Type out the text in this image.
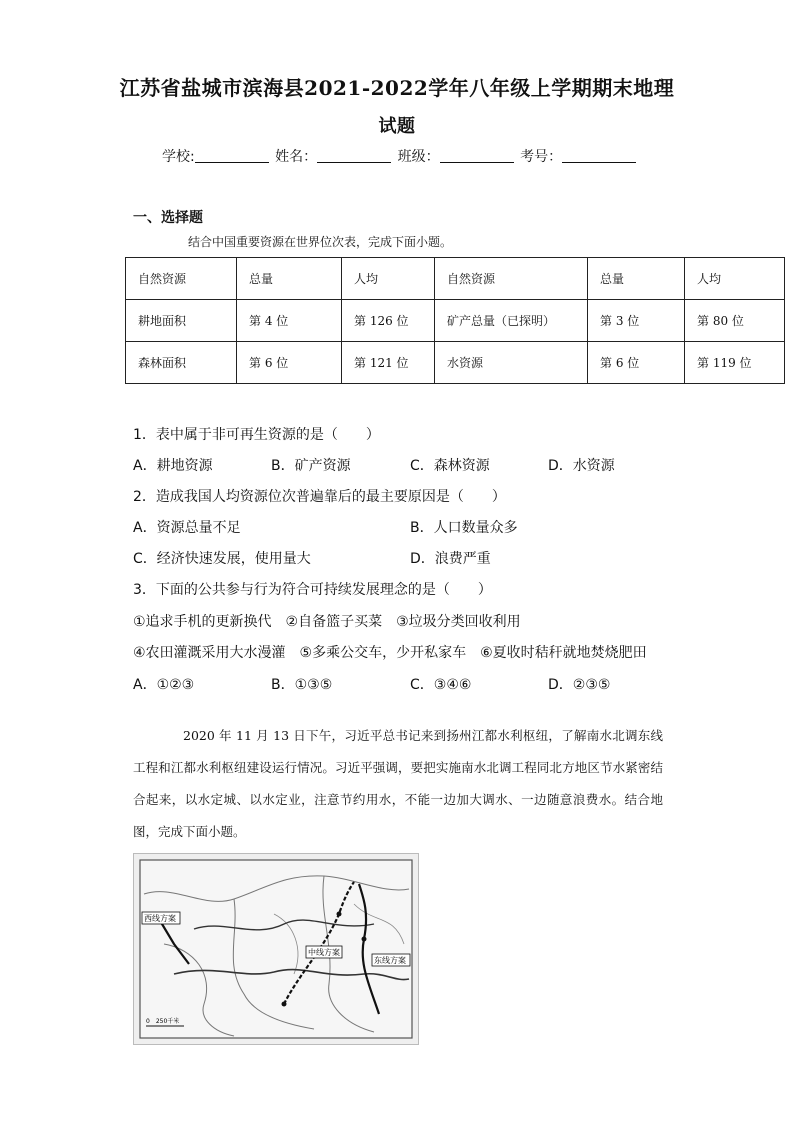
江苏省盐城市滨海县2021-2022学年八年级上学期期末地理
试题
学校:	姓名：	班级：	考号：
一、选择题
结合中国重要资源在世界位次表，完成下面小题。
自然资源	总量	人均	自然资源	总量	人均
耕地面积	第 4 位	第 126 位	矿产总量（已探明）	第 3 位	第 80 位
森林面积	第 6 位	第 121 位	水资源	第 6 位	第 119 位
1．表中属于非可再生资源的是（　　）
A．耕地资源	B．矿产资源	C．森林资源	D．水资源
2．造成我国人均资源位次普遍靠后的最主要原因是（　　）
A．资源总量不足	B．人口数量众多
C．经济快速发展，使用量大	D．浪费严重
3．下面的公共参与行为符合可持续发展理念的是（　　）
①追求手机的更新换代　②自备篮子买菜　③垃圾分类回收利用
④农田灌溉采用大水漫灌　⑤多乘公交车，少开私家车　⑥夏收时秸秆就地焚烧肥田
A．①②③	B．①③⑤	C．③④⑥	D．②③⑤
2020 年 11 月 13 日下午，习近平总书记来到扬州江都水利枢纽，了解南水北调东线工程和江都水利枢纽建设运行情况。习近平强调，要把实施南水北调工程同北方地区节水紧密结合起来，以水定城、以水定业，注意节约用水，不能一边加大调水、一边随意浪费水。结合地图，完成下面小题。
西线方案
中线方案
东线方案
0　250千米
